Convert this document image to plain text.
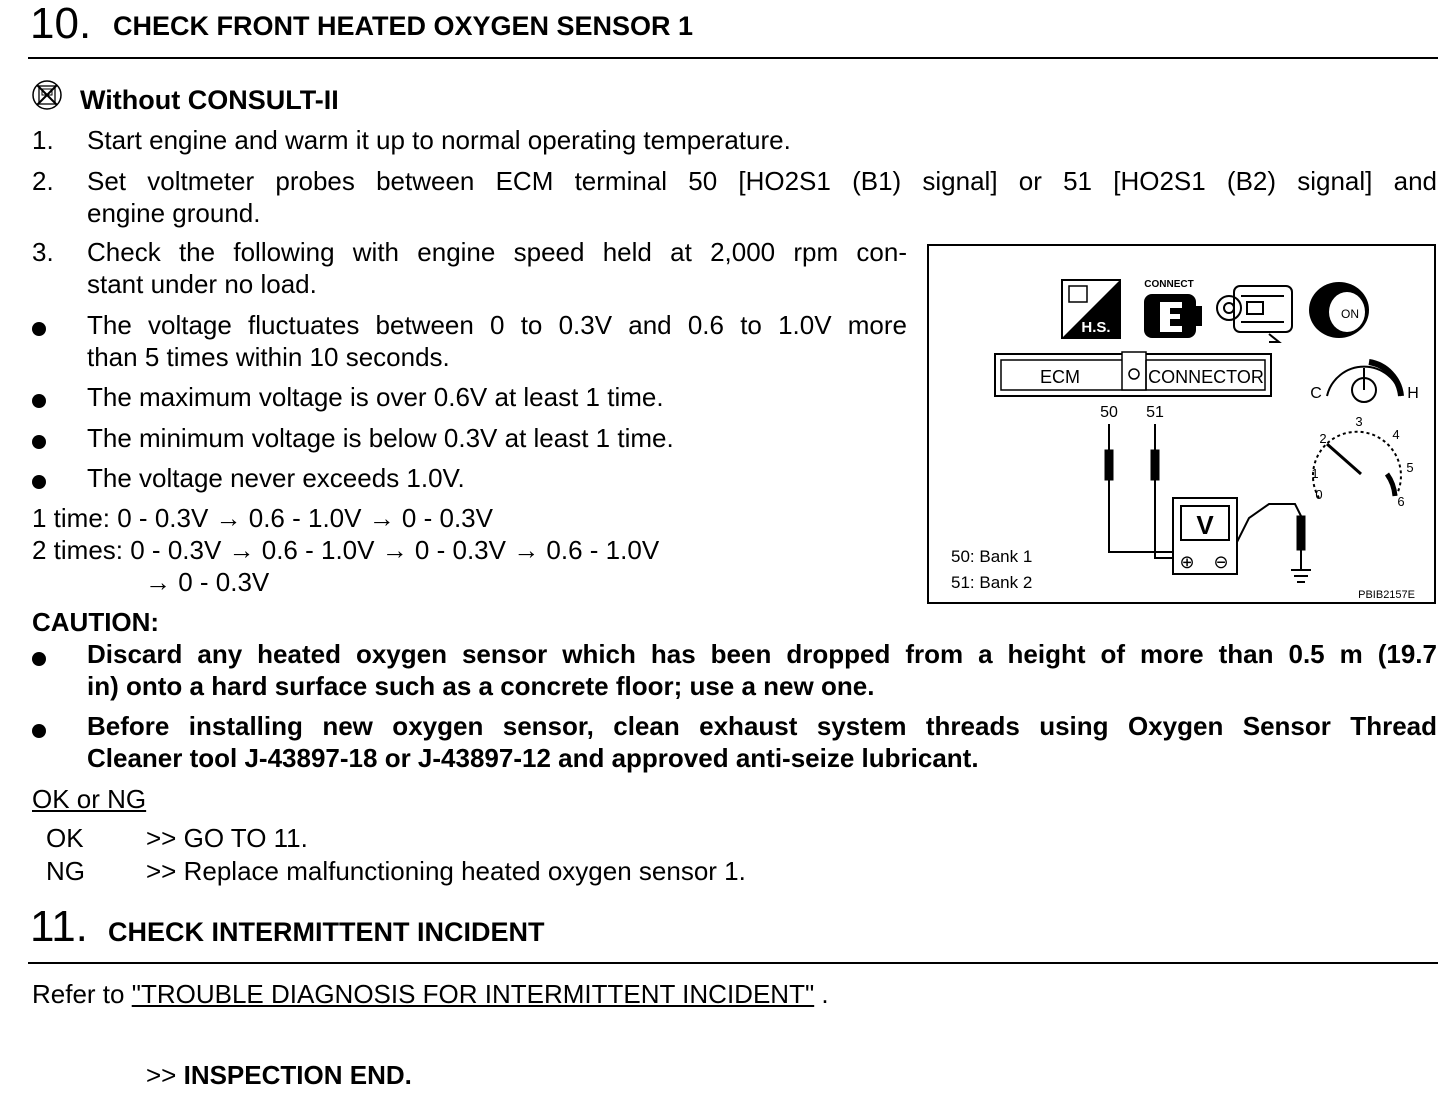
10. CHECK FRONT HEATED OXYGEN SENSOR 1
Without CONSULT-II
1. Start engine and warm it up to normal operating temperature.
2. Set voltmeter probes between ECM terminal 50 [HO2S1 (B1) signal] or 51 [HO2S1 (B2) signal] and
engine ground.
3. Check the following with engine speed held at 2,000 rpm con-
stant under no load.
The voltage fluctuates between 0 to 0.3V and 0.6 to 1.0V more
than 5 times within 10 seconds.
The maximum voltage is over 0.6V at least 1 time.
The minimum voltage is below 0.3V at least 1 time.
The voltage never exceeds 1.0V.
1 time: 0 - 0.3V → 0.6 - 1.0V → 0 - 0.3V
2 times: 0 - 0.3V → 0.6 - 1.0V → 0 - 0.3V → 0.6 - 1.0V
→ 0 - 0.3V
H.S.
CONNECT
ON
ECM	CONNECTOR
50 51
V
⊕ ⊖
C	H
0
1
2
3
4
5
6
50: Bank 1
51: Bank 2
PBIB2157E
CAUTION:
Discard any heated oxygen sensor which has been dropped from a height of more than 0.5 m (19.7
in) onto a hard surface such as a concrete floor; use a new one.
Before installing new oxygen sensor, clean exhaust system threads using Oxygen Sensor Thread
Cleaner tool J-43897-18 or J-43897-12 and approved anti-seize lubricant.
OK or NG
OK >> GO TO 11.
NG >> Replace malfunctioning heated oxygen sensor 1.
11. CHECK INTERMITTENT INCIDENT
Refer to "TROUBLE DIAGNOSIS FOR INTERMITTENT INCIDENT" .
>> INSPECTION END.
